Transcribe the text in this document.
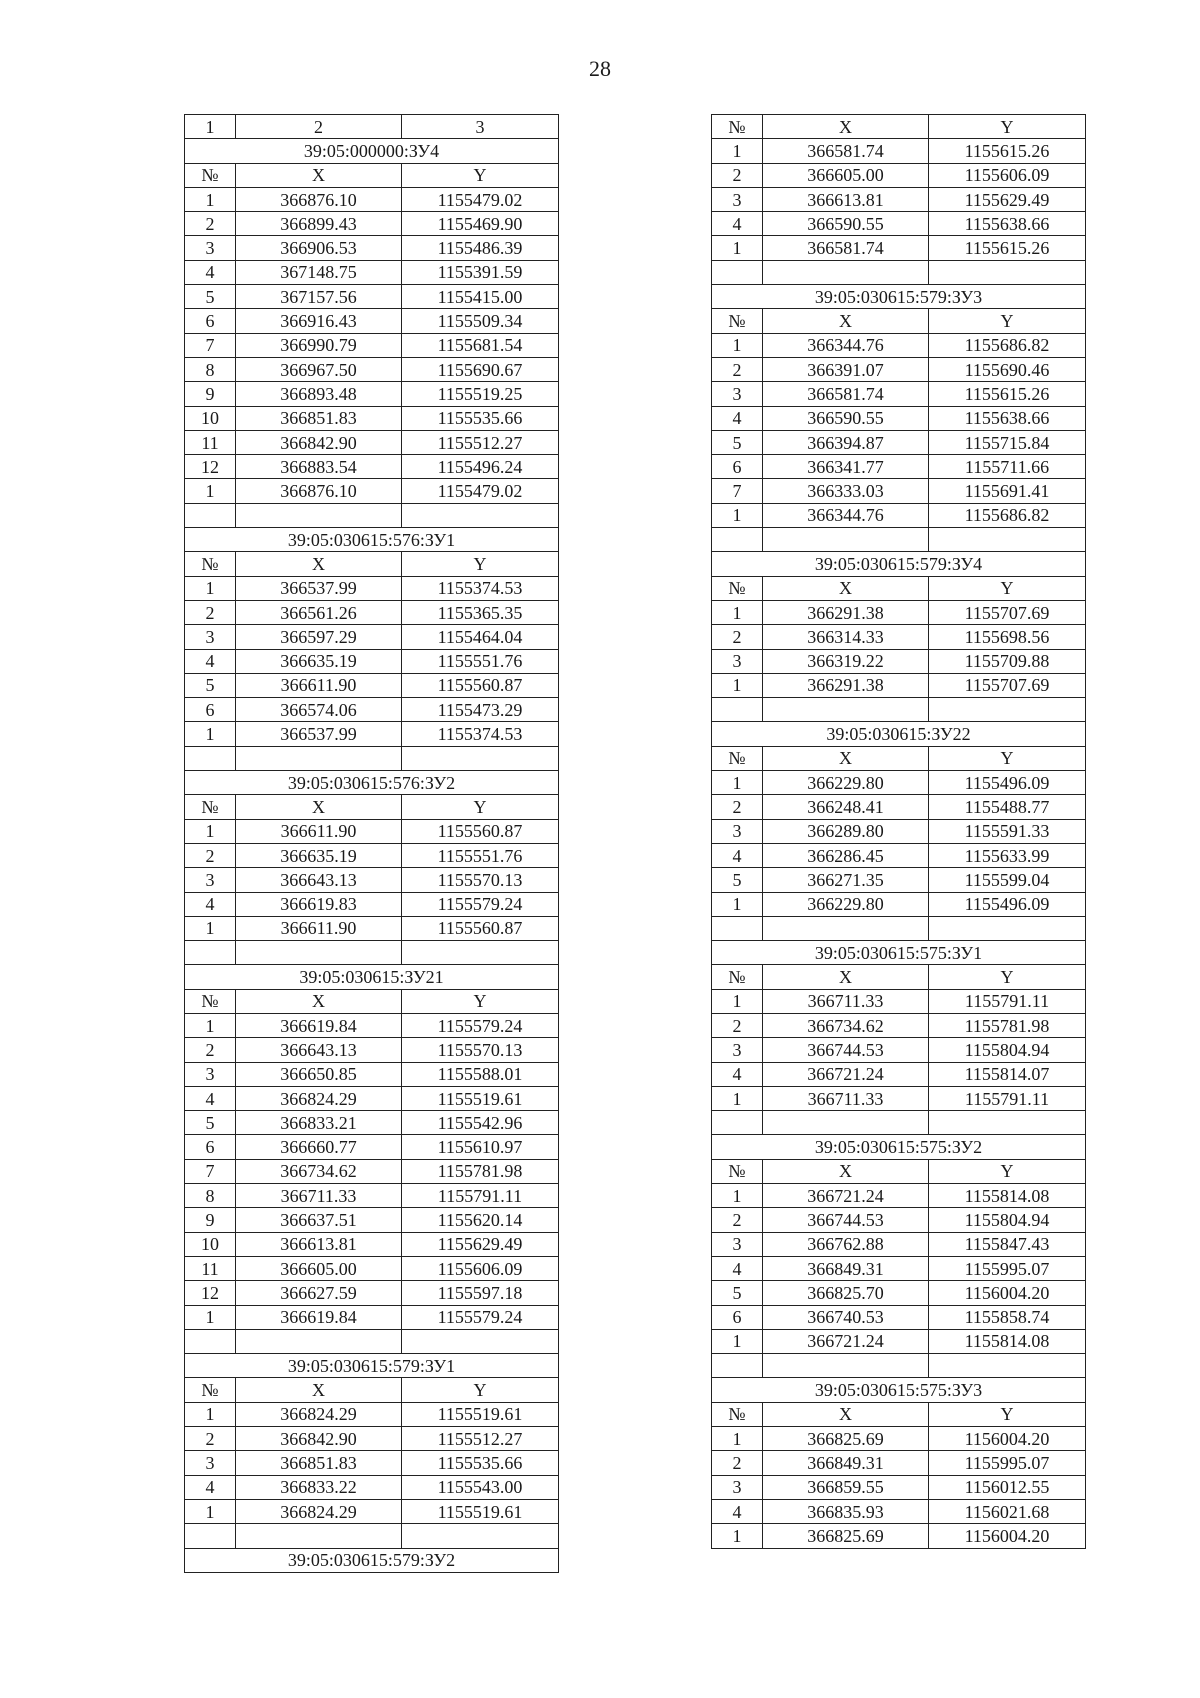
28
1	2	3
39:05:000000:ЗУ4		
№	X	Y
1	366876.10	1155479.02
2	366899.43	1155469.90
3	366906.53	1155486.39
4	367148.75	1155391.59
5	367157.56	1155415.00
6	366916.43	1155509.34
7	366990.79	1155681.54
8	366967.50	1155690.67
9	366893.48	1155519.25
10	366851.83	1155535.66
11	366842.90	1155512.27
12	366883.54	1155496.24
1	366876.10	1155479.02

39:05:030615:576:ЗУ1		
№	X	Y
1	366537.99	1155374.53
2	366561.26	1155365.35
3	366597.29	1155464.04
4	366635.19	1155551.76
5	366611.90	1155560.87
6	366574.06	1155473.29
1	366537.99	1155374.53

39:05:030615:576:ЗУ2		
№	X	Y
1	366611.90	1155560.87
2	366635.19	1155551.76
3	366643.13	1155570.13
4	366619.83	1155579.24
1	366611.90	1155560.87

39:05:030615:ЗУ21		
№	X	Y
1	366619.84	1155579.24
2	366643.13	1155570.13
3	366650.85	1155588.01
4	366824.29	1155519.61
5	366833.21	1155542.96
6	366660.77	1155610.97
7	366734.62	1155781.98
8	366711.33	1155791.11
9	366637.51	1155620.14
10	366613.81	1155629.49
11	366605.00	1155606.09
12	366627.59	1155597.18
1	366619.84	1155579.24

39:05:030615:579:ЗУ1		
№	X	Y
1	366824.29	1155519.61
2	366842.90	1155512.27
3	366851.83	1155535.66
4	366833.22	1155543.00
1	366824.29	1155519.61

39:05:030615:579:ЗУ2		
№	X	Y
1	366581.74	1155615.26
2	366605.00	1155606.09
3	366613.81	1155629.49
4	366590.55	1155638.66
1	366581.74	1155615.26

39:05:030615:579:ЗУ3		
№	X	Y
1	366344.76	1155686.82
2	366391.07	1155690.46
3	366581.74	1155615.26
4	366590.55	1155638.66
5	366394.87	1155715.84
6	366341.77	1155711.66
7	366333.03	1155691.41
1	366344.76	1155686.82

39:05:030615:579:ЗУ4		
№	X	Y
1	366291.38	1155707.69
2	366314.33	1155698.56
3	366319.22	1155709.88
1	366291.38	1155707.69

39:05:030615:ЗУ22		
№	X	Y
1	366229.80	1155496.09
2	366248.41	1155488.77
3	366289.80	1155591.33
4	366286.45	1155633.99
5	366271.35	1155599.04
1	366229.80	1155496.09

39:05:030615:575:ЗУ1		
№	X	Y
1	366711.33	1155791.11
2	366734.62	1155781.98
3	366744.53	1155804.94
4	366721.24	1155814.07
1	366711.33	1155791.11

39:05:030615:575:ЗУ2		
№	X	Y
1	366721.24	1155814.08
2	366744.53	1155804.94
3	366762.88	1155847.43
4	366849.31	1155995.07
5	366825.70	1156004.20
6	366740.53	1155858.74
1	366721.24	1155814.08

39:05:030615:575:ЗУ3		
№	X	Y
1	366825.69	1156004.20
2	366849.31	1155995.07
3	366859.55	1156012.55
4	366835.93	1156021.68
1	366825.69	1156004.20
